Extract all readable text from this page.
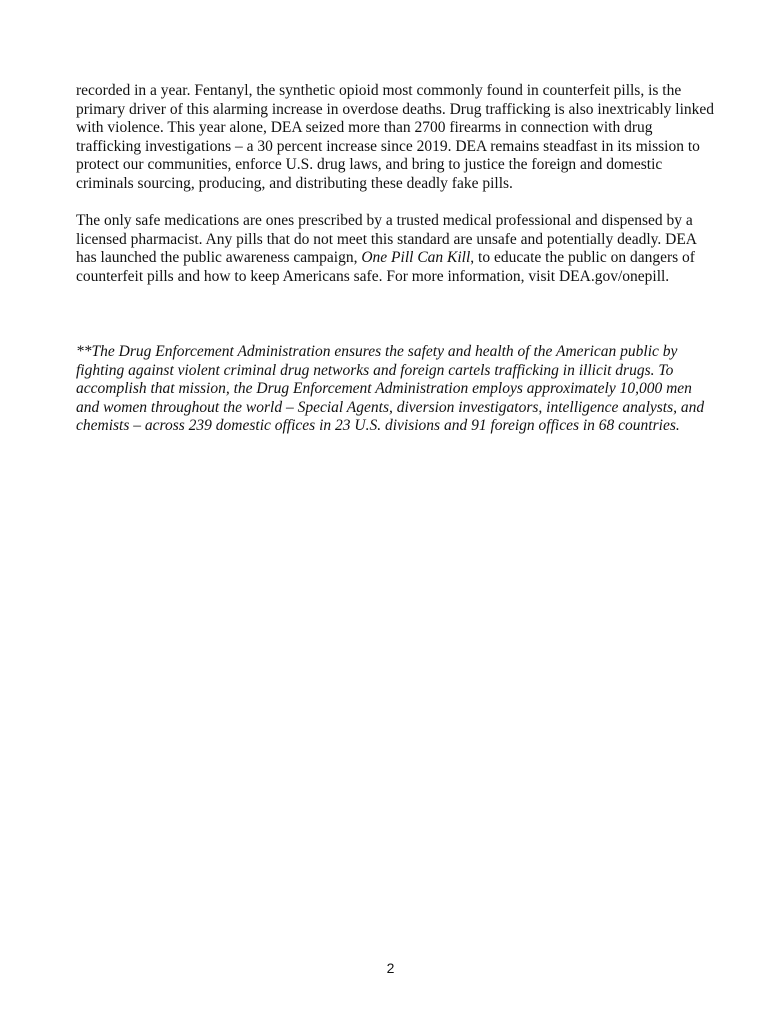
recorded in a year. Fentanyl, the synthetic opioid most commonly found in counterfeit pills, is the primary driver of this alarming increase in overdose deaths. Drug trafficking is also inextricably linked with violence. This year alone, DEA seized more than 2700 firearms in connection with drug trafficking investigations – a 30 percent increase since 2019. DEA remains steadfast in its mission to protect our communities, enforce U.S. drug laws, and bring to justice the foreign and domestic criminals sourcing, producing, and distributing these deadly fake pills.

The only safe medications are ones prescribed by a trusted medical professional and dispensed by a licensed pharmacist. Any pills that do not meet this standard are unsafe and potentially deadly. DEA has launched the public awareness campaign, One Pill Can Kill, to educate the public on dangers of counterfeit pills and how to keep Americans safe. For more information, visit DEA.gov/onepill.

**The Drug Enforcement Administration ensures the safety and health of the American public by fighting against violent criminal drug networks and foreign cartels trafficking in illicit drugs. To accomplish that mission, the Drug Enforcement Administration employs approximately 10,000 men and women throughout the world – Special Agents, diversion investigators, intelligence analysts, and chemists – across 239 domestic offices in 23 U.S. divisions and 91 foreign offices in 68 countries.

2
